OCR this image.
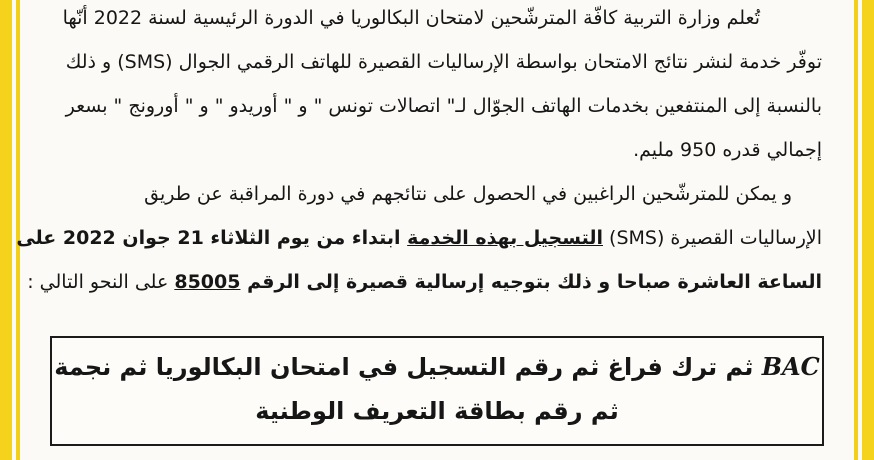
تُعلم وزارة التربية كافّة المترشّحين لامتحان البكالوريا في الدورة الرئيسية لسنة 2022 أنّها
توفّر خدمة لنشر نتائج الامتحان بواسطة الإرساليات القصيرة للهاتف الرقمي الجوال (SMS) و ذلك
بالنسبة إلى المنتفعين بخدمات الهاتف الجوّال لـ" اتصالات تونس " و " أوريدو " و " أورونج " بسعر
إجمالي قدره 950 مليم.
و يمكن للمترشّحين الراغبين في الحصول على نتائجهم في دورة المراقبة عن طريق
الإرساليات القصيرة (SMS) التسجيل بهذه الخدمة ابتداء من يوم الثلاثاء 21 جوان 2022 على
الساعة العاشرة صباحا و ذلك بتوجيه إرسالية قصيرة إلى الرقم 85005 على النحو التالي :
BAC ثم ترك فراغ ثم رقم التسجيل في امتحان البكالوريا ثم نجمة
ثم رقم بطاقة التعريف الوطنية
